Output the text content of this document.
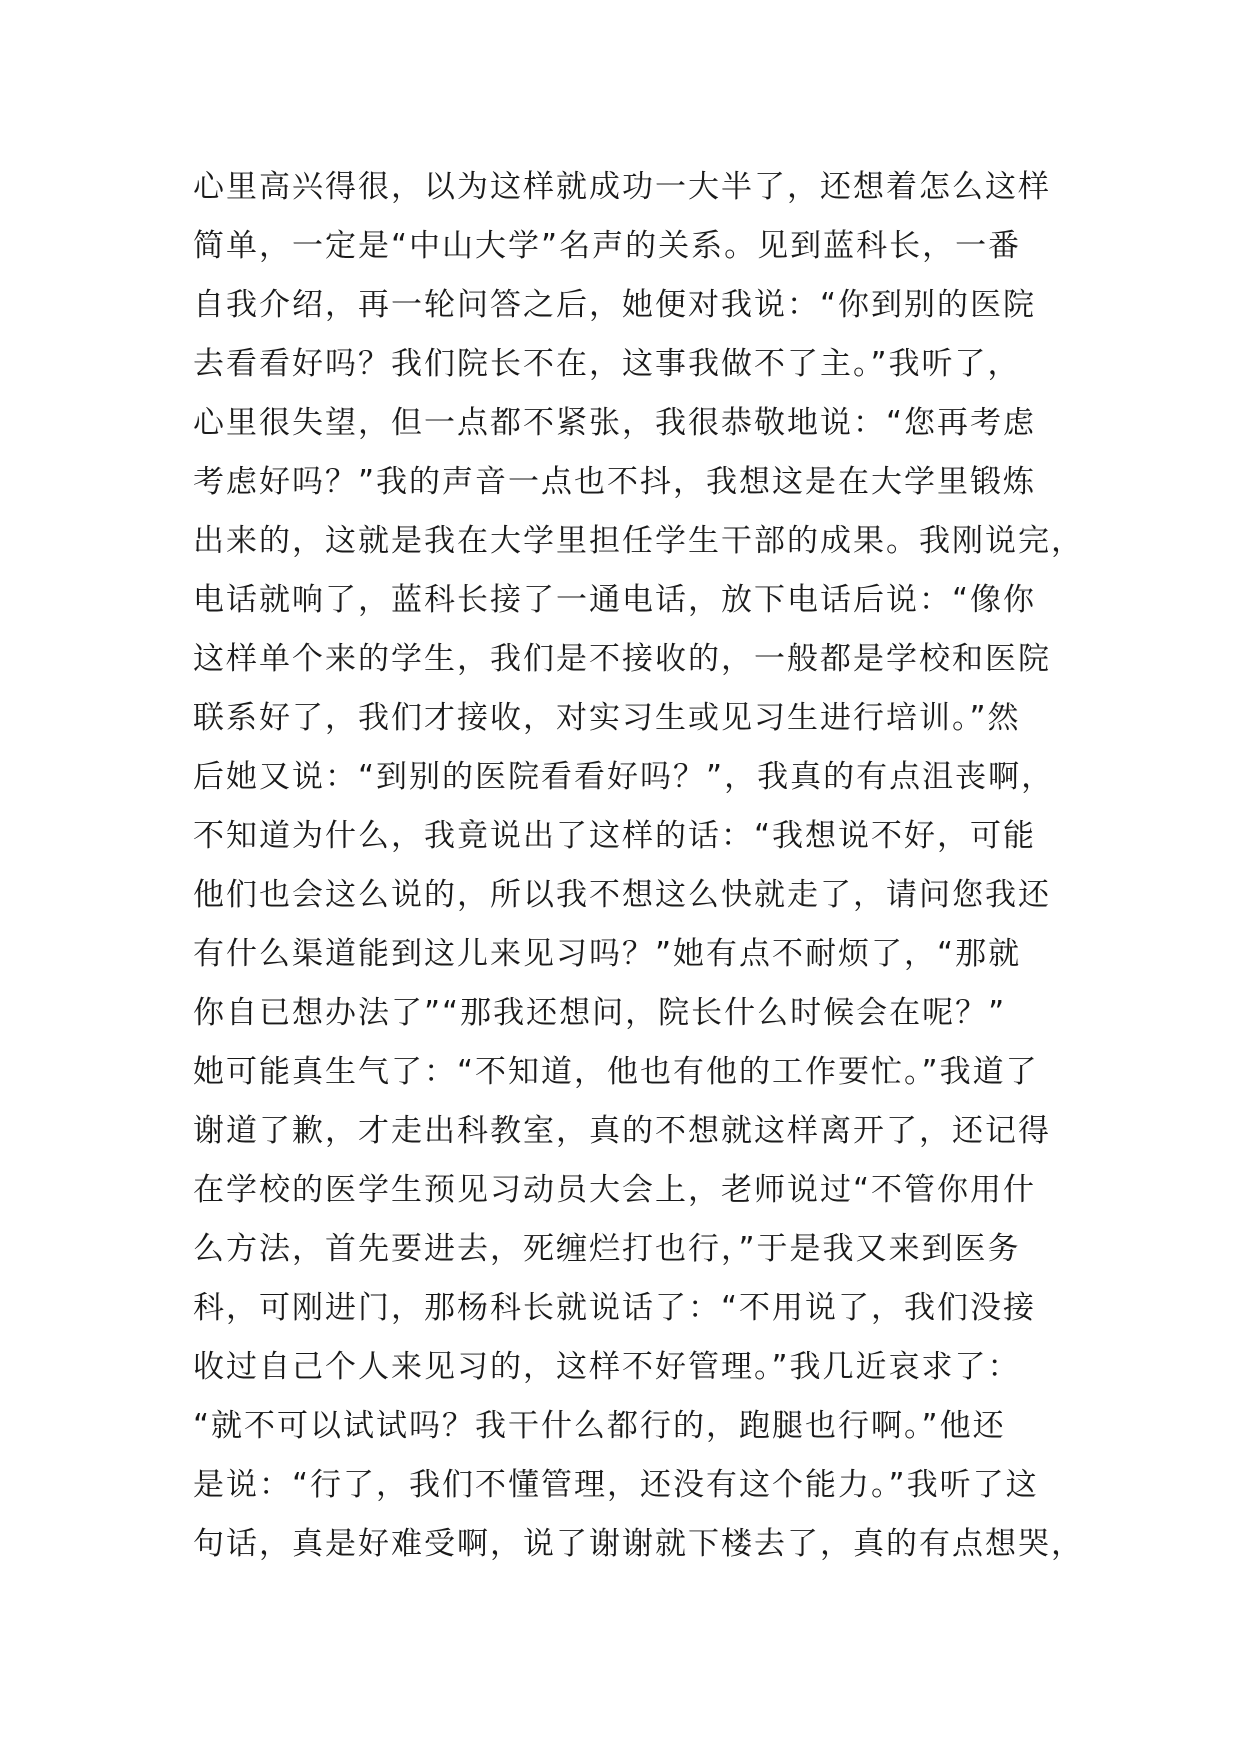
心里高兴得很，以为这样就成功一大半了，还想着怎么这样
简单，一定是“中山大学”名声的关系。见到蓝科长，一番
自我介绍，再一轮问答之后，她便对我说：“你到别的医院
去看看好吗？我们院长不在，这事我做不了主。”我听了，
心里很失望，但一点都不紧张，我很恭敬地说：“您再考虑
考虑好吗？”我的声音一点也不抖，我想这是在大学里锻炼
出来的，这就是我在大学里担任学生干部的成果。我刚说完，
电话就响了，蓝科长接了一通电话，放下电话后说：“像你
这样单个来的学生，我们是不接收的，一般都是学校和医院
联系好了，我们才接收，对实习生或见习生进行培训。”然
后她又说：“到别的医院看看好吗？”，我真的有点沮丧啊，
不知道为什么，我竟说出了这样的话：“我想说不好，可能
他们也会这么说的，所以我不想这么快就走了，请问您我还
有什么渠道能到这儿来见习吗？”她有点不耐烦了，“那就
你自已想办法了”“那我还想问，院长什么时候会在呢？”
她可能真生气了：“不知道，他也有他的工作要忙。”我道了
谢道了歉，才走出科教室，真的不想就这样离开了，还记得
在学校的医学生预见习动员大会上，老师说过“不管你用什
么方法，首先要进去，死缠烂打也行，”于是我又来到医务
科，可刚进门，那杨科长就说话了：“不用说了，我们没接
收过自己个人来见习的，这样不好管理。”我几近哀求了：
“就不可以试试吗？我干什么都行的，跑腿也行啊。”他还
是说：“行了，我们不懂管理，还没有这个能力。”我听了这
句话，真是好难受啊，说了谢谢就下楼去了，真的有点想哭，
